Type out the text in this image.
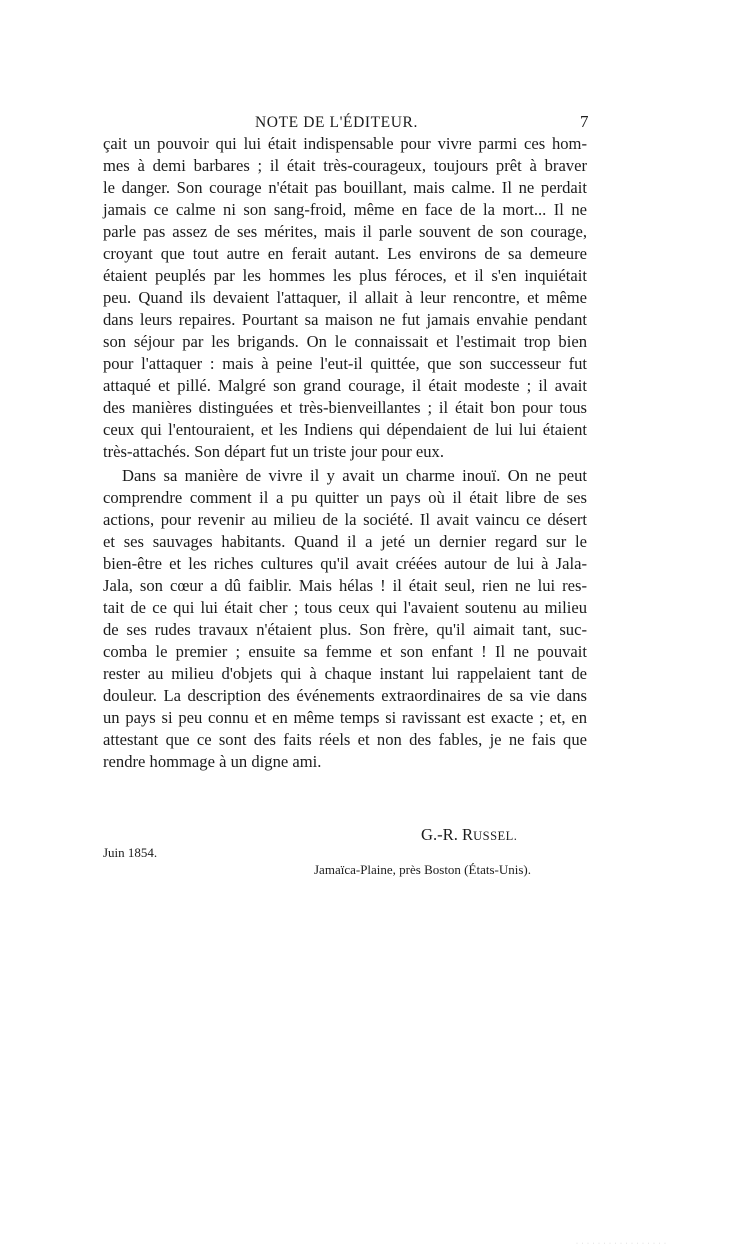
NOTE DE L'ÉDITEUR.	7
çait un pouvoir qui lui était indispensable pour vivre parmi ces hom-
mes à demi barbares ; il était très-courageux, toujours prêt à braver
le danger. Son courage n'était pas bouillant, mais calme. Il ne perdait
jamais ce calme ni son sang-froid, même en face de la mort... Il ne
parle pas assez de ses mérites, mais il parle souvent de son courage,
croyant que tout autre en ferait autant. Les environs de sa demeure
étaient peuplés par les hommes les plus féroces, et il s'en inquiétait
peu. Quand ils devaient l'attaquer, il allait à leur rencontre, et même
dans leurs repaires. Pourtant sa maison ne fut jamais envahie pendant
son séjour par les brigands. On le connaissait et l'estimait trop bien
pour l'attaquer : mais à peine l'eut-il quittée, que son successeur fut
attaqué et pillé. Malgré son grand courage, il était modeste ; il avait
des manières distinguées et très-bienveillantes ; il était bon pour tous
ceux qui l'entouraient, et les Indiens qui dépendaient de lui lui étaient
très-attachés. Son départ fut un triste jour pour eux.
Dans sa manière de vivre il y avait un charme inouï. On ne peut
comprendre comment il a pu quitter un pays où il était libre de ses
actions, pour revenir au milieu de la société. Il avait vaincu ce désert
et ses sauvages habitants. Quand il a jeté un dernier regard sur le
bien-être et les riches cultures qu'il avait créées autour de lui à Jala-
Jala, son cœur a dû faiblir. Mais hélas ! il était seul, rien ne lui res-
tait de ce qui lui était cher ; tous ceux qui l'avaient soutenu au milieu
de ses rudes travaux n'étaient plus. Son frère, qu'il aimait tant, suc-
comba le premier ; ensuite sa femme et son enfant ! Il ne pouvait
rester au milieu d'objets qui à chaque instant lui rappelaient tant de
douleur. La description des événements extraordinaires de sa vie dans
un pays si peu connu et en même temps si ravissant est exacte ; et, en
attestant que ce sont des faits réels et non des fables, je ne fais que
rendre hommage à un digne ami.
G.-R. RUSSEL.
Juin 1854.
Jamaïca-Plaine, près Boston (États-Unis).
· · · · · · · · · · · · · · · · ·
